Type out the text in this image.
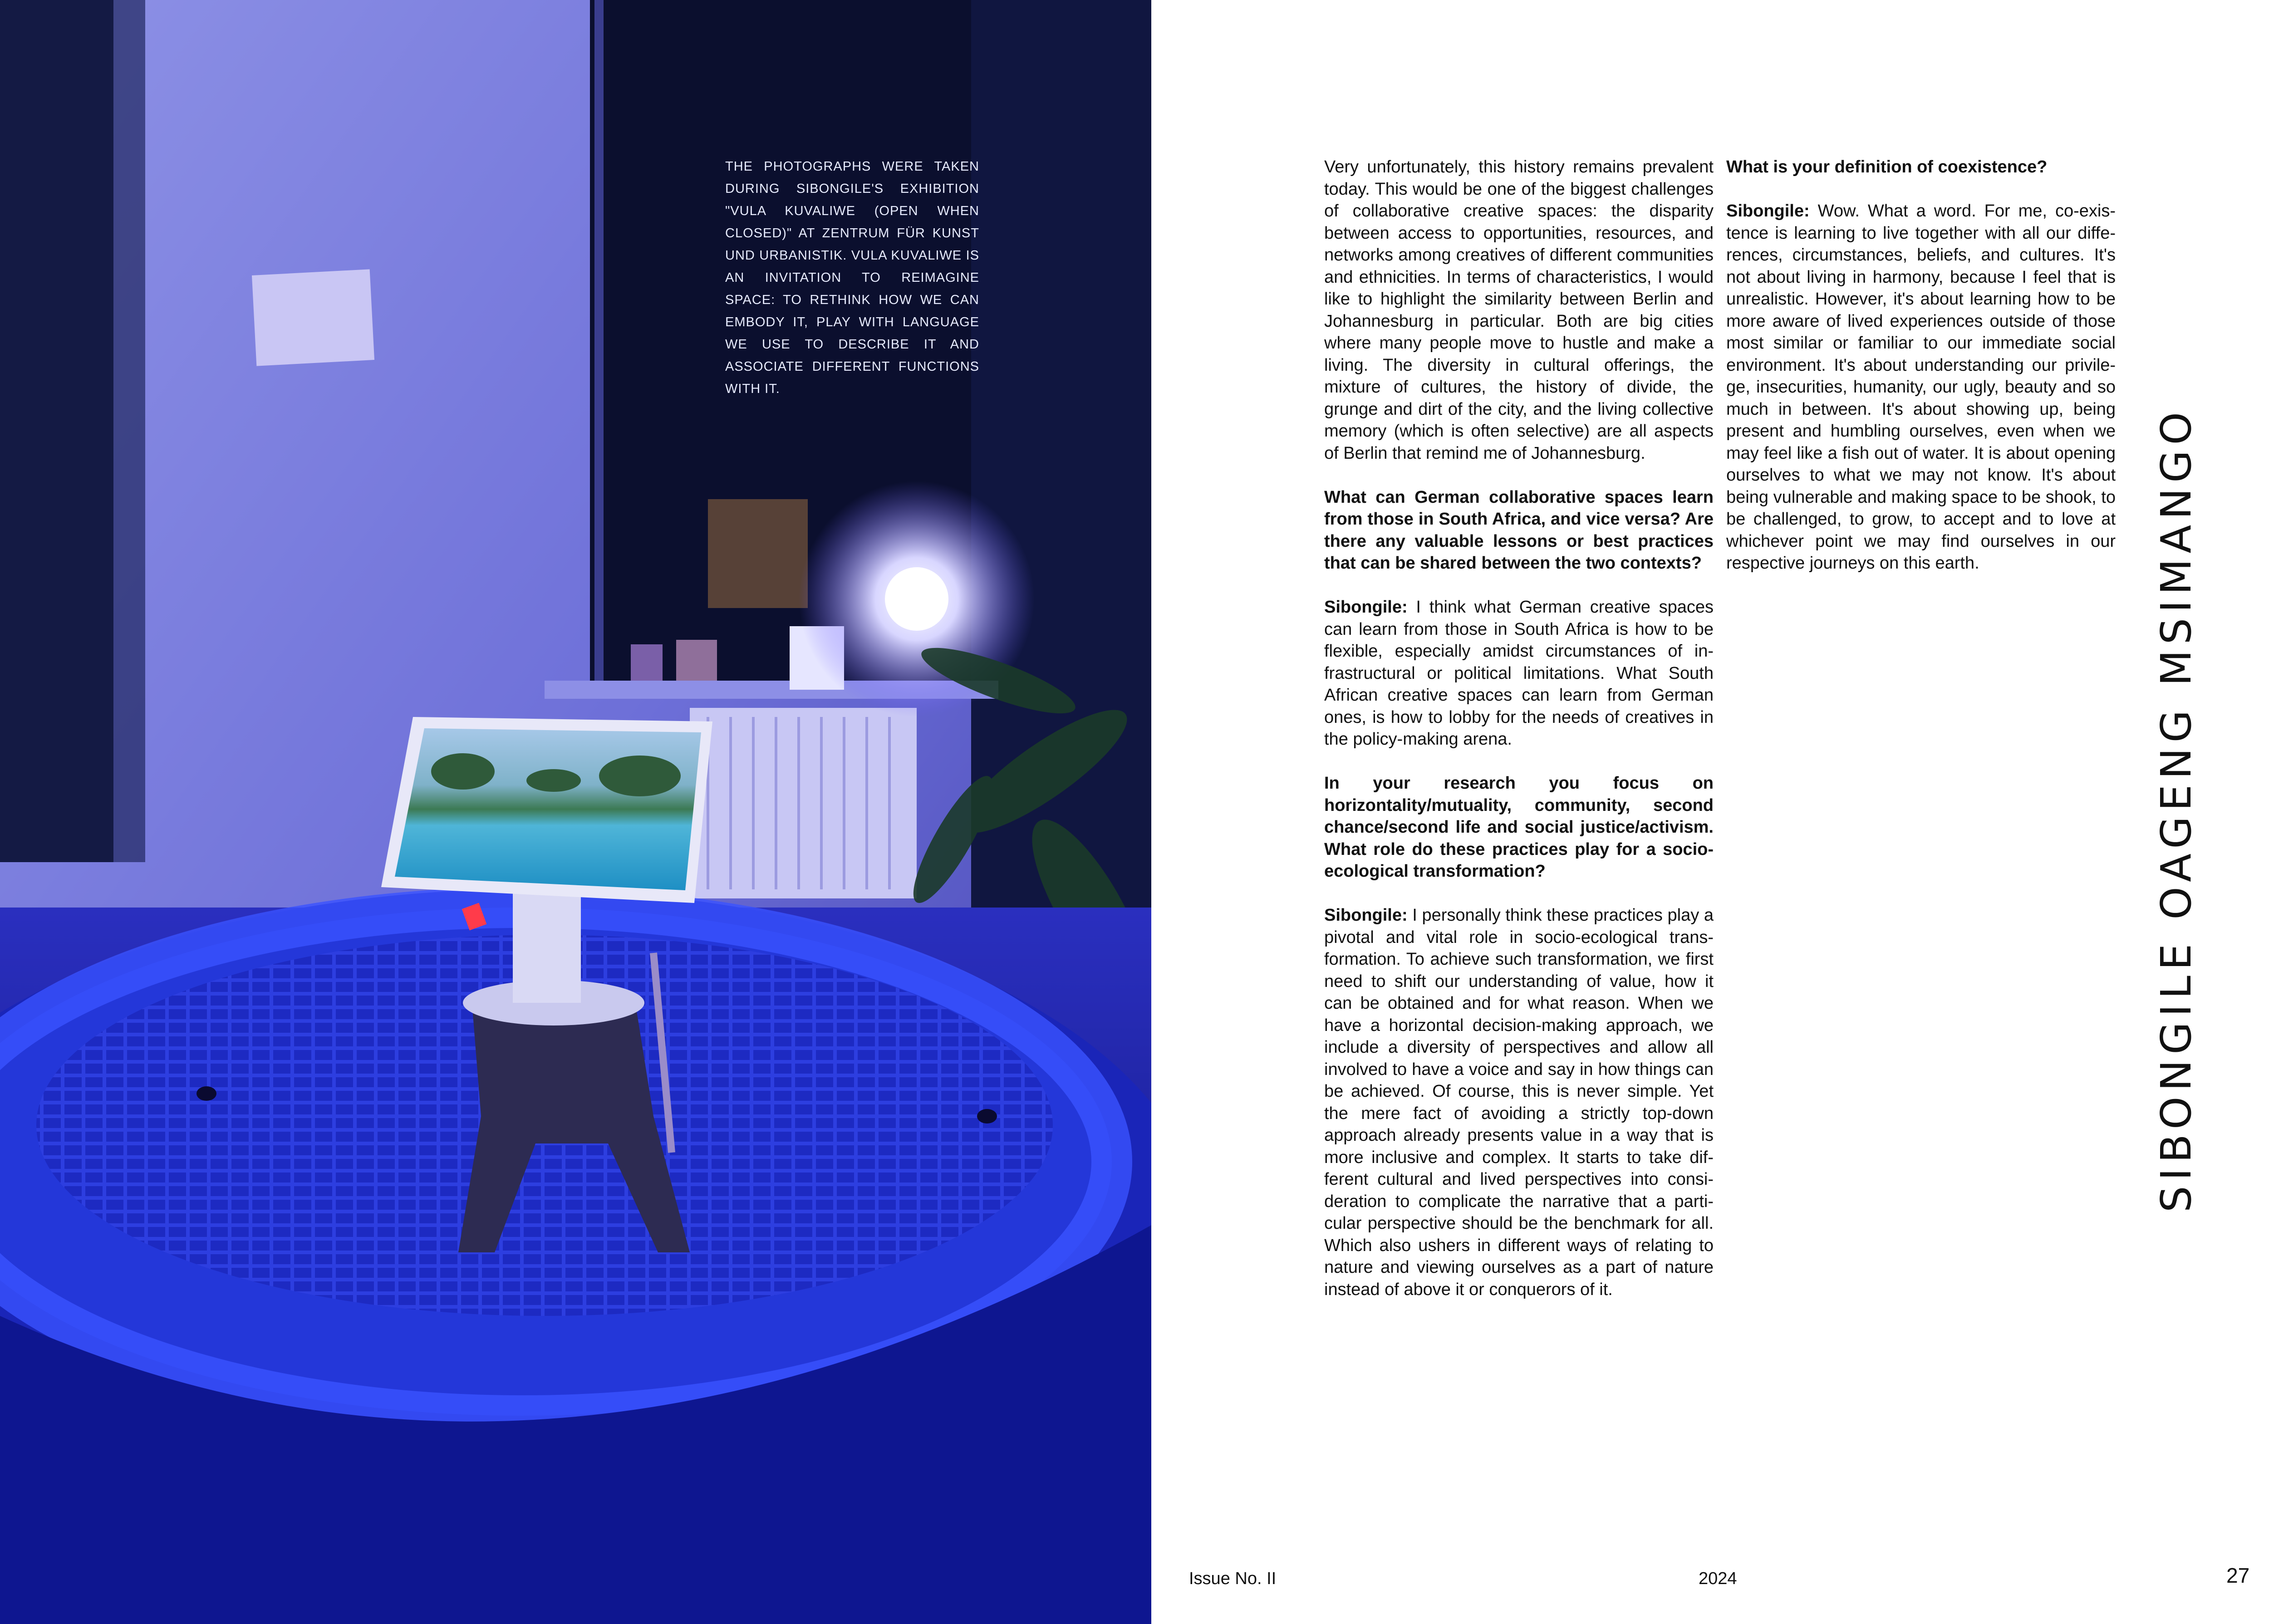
THE PHOTOGRAPHS WERE TAKEN DURING SIBONGILE'S EXHIBITION "VULA KUVALIWE (OPEN WHEN CLOSED)" AT ZENTRUM FÜR KUNST UND URBANISTIK. VULA KUVALIWE IS AN INVITATION TO REIMAGINE SPACE: TO RETHINK HOW WE CAN EMBODY IT, PLAY WITH LANGUAGE WE USE TO DESCRIBE IT AND ASSOCIATE DIFFERENT FUNCTIONS WITH IT.

Very unfortunately, this history remains prevalent today. This would be one of the biggest challenges of collaborative creative spaces: the disparity between access to opportunities, resources, and networks among creatives of different communities and ethnicities. In terms of characteristics, I would like to highlight the similarity between Berlin and Johannesburg in particular. Both are big cities where many people move to hustle and make a living. The diversity in cultural offerings, the mixture of cultures, the history of divide, the grunge and dirt of the city, and the living collective memory (which is often selective) are all aspects of Berlin that remind me of Johannesburg.

What can German collaborative spaces learn from those in South Africa, and vice versa? Are there any valuable lessons or best practices that can be shared between the two contexts?

Sibongile: I think what German creative spaces can learn from those in South Africa is how to be flexible, especially amidst circumstances of infrastructural or political limitations. What South African creative spaces can learn from German ones, is how to lobby for the needs of creatives in the policy-making arena.

In your research you focus on horizontality/mutuality, community, second chance/second life and social justice/activism. What role do these practices play for a socio-ecological transformation?

Sibongile: I personally think these practices play a pivotal and vital role in socio-ecological transformation. To achieve such transformation, we first need to shift our understanding of value, how it can be obtained and for what reason. When we have a horizontal decision-making approach, we include a diversity of perspectives and allow all involved to have a voice and say in how things can be achieved. Of course, this is never simple. Yet the mere fact of avoiding a strictly top-down approach already presents value in a way that is more inclusive and complex. It starts to take different cultural and lived perspectives into consideration to complicate the narrative that a particular perspective should be the benchmark for all. Which also ushers in different ways of relating to nature and viewing ourselves as a part of nature instead of above it or conquerors of it.

What is your definition of coexistence?

Sibongile: Wow. What a word. For me, co-existence is learning to live together with all our differences, circumstances, beliefs, and cultures. It's not about living in harmony, because I feel that is unrealistic. However, it's about learning how to be more aware of lived experiences outside of those most similar or familiar to our immediate social environment. It's about understanding our privilege, insecurities, humanity, our ugly, beauty and so much in between. It's about showing up, being present and humbling ourselves, even when we may feel like a fish out of water. It is about opening ourselves to what we may not know. It's about being vulnerable and making space to be shook, to be challenged, to grow, to accept and to love at whichever point we may find ourselves in our respective journeys on this earth.	SIBONGILE OAGENG MSIMANGO
Issue No. II	2024	27
